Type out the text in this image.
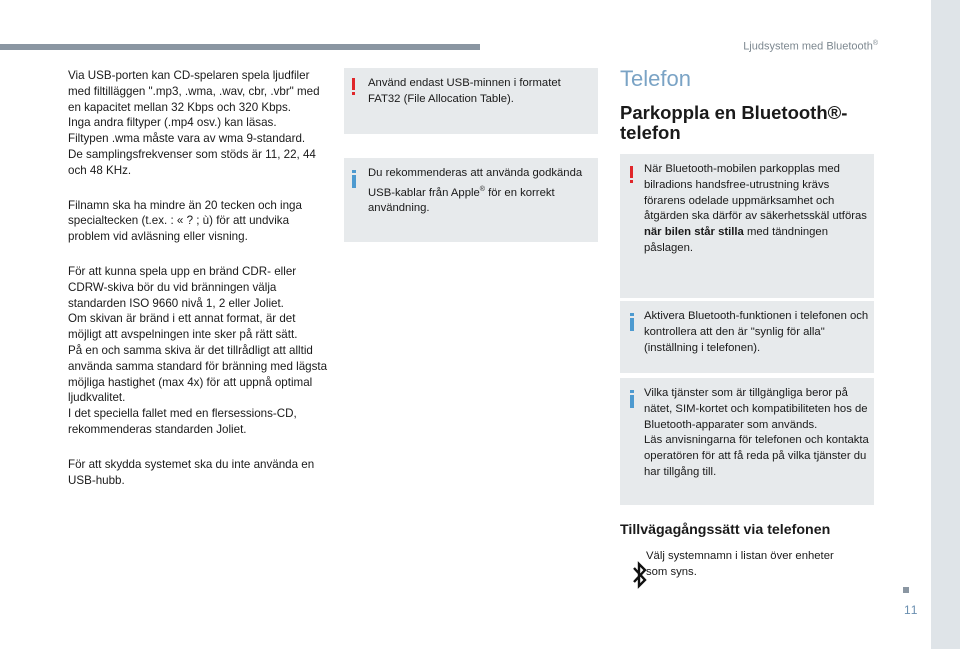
Ljudsystem med Bluetooth®
11

Via USB-porten kan CD-spelaren spela ljudfiler med filtilläggen ".mp3, .wma, .wav, cbr, .vbr" med en kapacitet mellan 32 Kbps och 320 Kbps.

Inga andra filtyper (.mp4 osv.) kan läsas.

Filtypen .wma måste vara av wma 9-standard.

De samplingsfrekvenser som stöds är 11, 22, 44 och 48 KHz.

Filnamn ska ha mindre än 20 tecken och inga specialtecken (t.ex. : « ? ; ù) för att undvika problem vid avläsning eller visning.

För att kunna spela upp en bränd CDR- eller CDRW-skiva bör du vid bränningen välja standarden ISO 9660 nivå 1, 2 eller Joliet.

Om skivan är bränd i ett annat format, är det möjligt att avspelningen inte sker på rätt sätt.

På en och samma skiva är det tillrådligt att alltid använda samma standard för bränning med lägsta möjliga hastighet (max 4x) för att uppnå optimal ljudkvalitet.

I det speciella fallet med en flersessions-CD, rekommenderas standarden Joliet.

För att skydda systemet ska du inte använda en USB-hubb.

Använd endast USB-minnen i formatet FAT32 (File Allocation Table).
Du rekommenderas att använda godkända USB-kablar från Apple® för en korrekt användning.
Telefon
Parkoppla en Bluetooth®-telefon
När Bluetooth-mobilen parkopplas med bilradions handsfree-utrustning krävs förarens odelade uppmärksamhet och åtgärden ska därför av säkerhetsskäl utföras när bilen står stilla med tändningen påslagen.
Aktivera Bluetooth-funktionen i telefonen och kontrollera att den är "synlig för alla" (inställning i telefonen).
Vilka tjänster som är tillgängliga beror på nätet, SIM-kortet och kompatibiliteten hos de Bluetooth-apparater som används.
Läs anvisningarna för telefonen och kontakta operatören för att få reda på vilka tjänster du har tillgång till.
Tillvägagångssätt via telefonen
Välj systemnamn i listan över enheter som syns.
